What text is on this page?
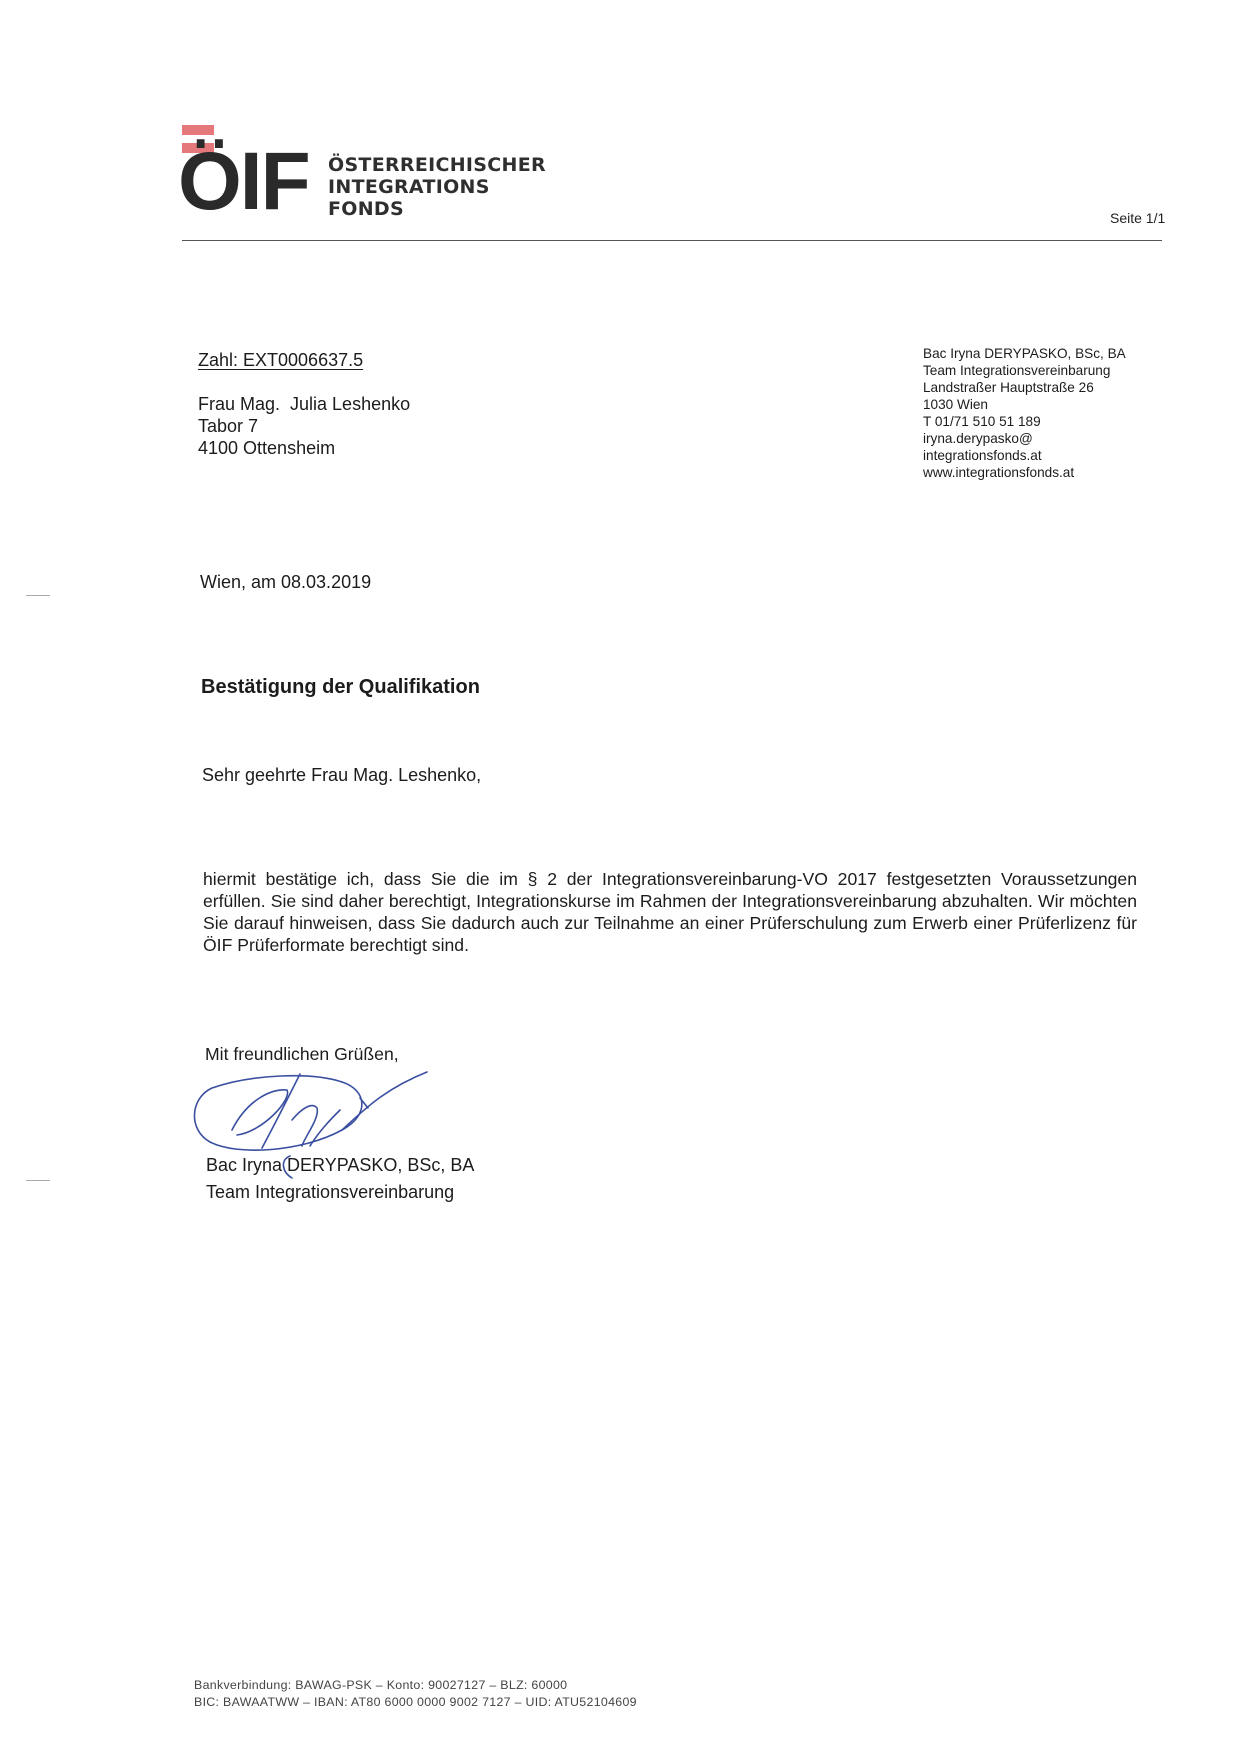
ÖIF ÖSTERREICHISCHER
INTEGRATIONS
FONDS	Seite 1/1
Zahl: EXT0006637.5
Frau Mag.  Julia Leshenko
Tabor 7
4100 Ottensheim
Bac Iryna DERYPASKO, BSc, BA
Team Integrationsvereinbarung
Landstraßer Hauptstraße 26
1030 Wien
T 01/71 510 51 189
iryna.derypasko@
integrationsfonds.at
www.integrationsfonds.at
Wien, am 08.03.2019
Bestätigung der Qualifikation
Sehr geehrte Frau Mag. Leshenko,
hiermit bestätige ich, dass Sie die im § 2 der Integrationsvereinbarung-VO 2017 festgesetzten Voraussetzungen erfüllen. Sie sind daher berechtigt, Integrationskurse im Rahmen der Integrationsvereinbarung abzuhalten. Wir möchten Sie darauf hinweisen, dass Sie dadurch auch zur Teilnahme an einer Prüferschulung zum Erwerb einer Prüferlizenz für ÖIF Prüferformate berechtigt sind.
Mit freundlichen Grüßen,
Bac Iryna DERYPASKO, BSc, BA
Team Integrationsvereinbarung
Bankverbindung: BAWAG-PSK – Konto: 90027127 – BLZ: 60000
BIC: BAWAATWW – IBAN: AT80 6000 0000 9002 7127 – UID: ATU52104609
